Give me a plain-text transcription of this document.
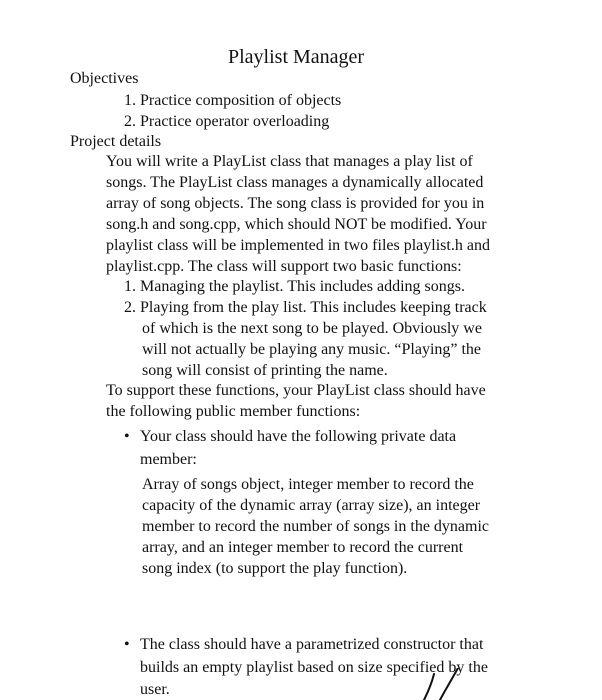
Playlist Manager
Objectives
1. Practice composition of objects
2. Practice operator overloading
Project details
You will write a PlayList class that manages a play list of
songs. The PlayList class manages a dynamically allocated
array of song objects. The song class is provided for you in
song.h and song.cpp, which should NOT be modified. Your
playlist class will be implemented in two files playlist.h and
playlist.cpp. The class will support two basic functions:
1. Managing the playlist. This includes adding songs.
2. Playing from the play list. This includes keeping track
of which is the next song to be played. Obviously we
will not actually be playing any music. “Playing” the
song will consist of printing the name.
To support these functions, your PlayList class should have
the following public member functions:
• Your class should have the following private data
member:
Array of songs object, integer member to record the
capacity of the dynamic array (array size), an integer
member to record the number of songs in the dynamic
array, and an integer member to record the current
song index (to support the play function).
• The class should have a parametrized constructor that
builds an empty playlist based on size specified by the
user.
